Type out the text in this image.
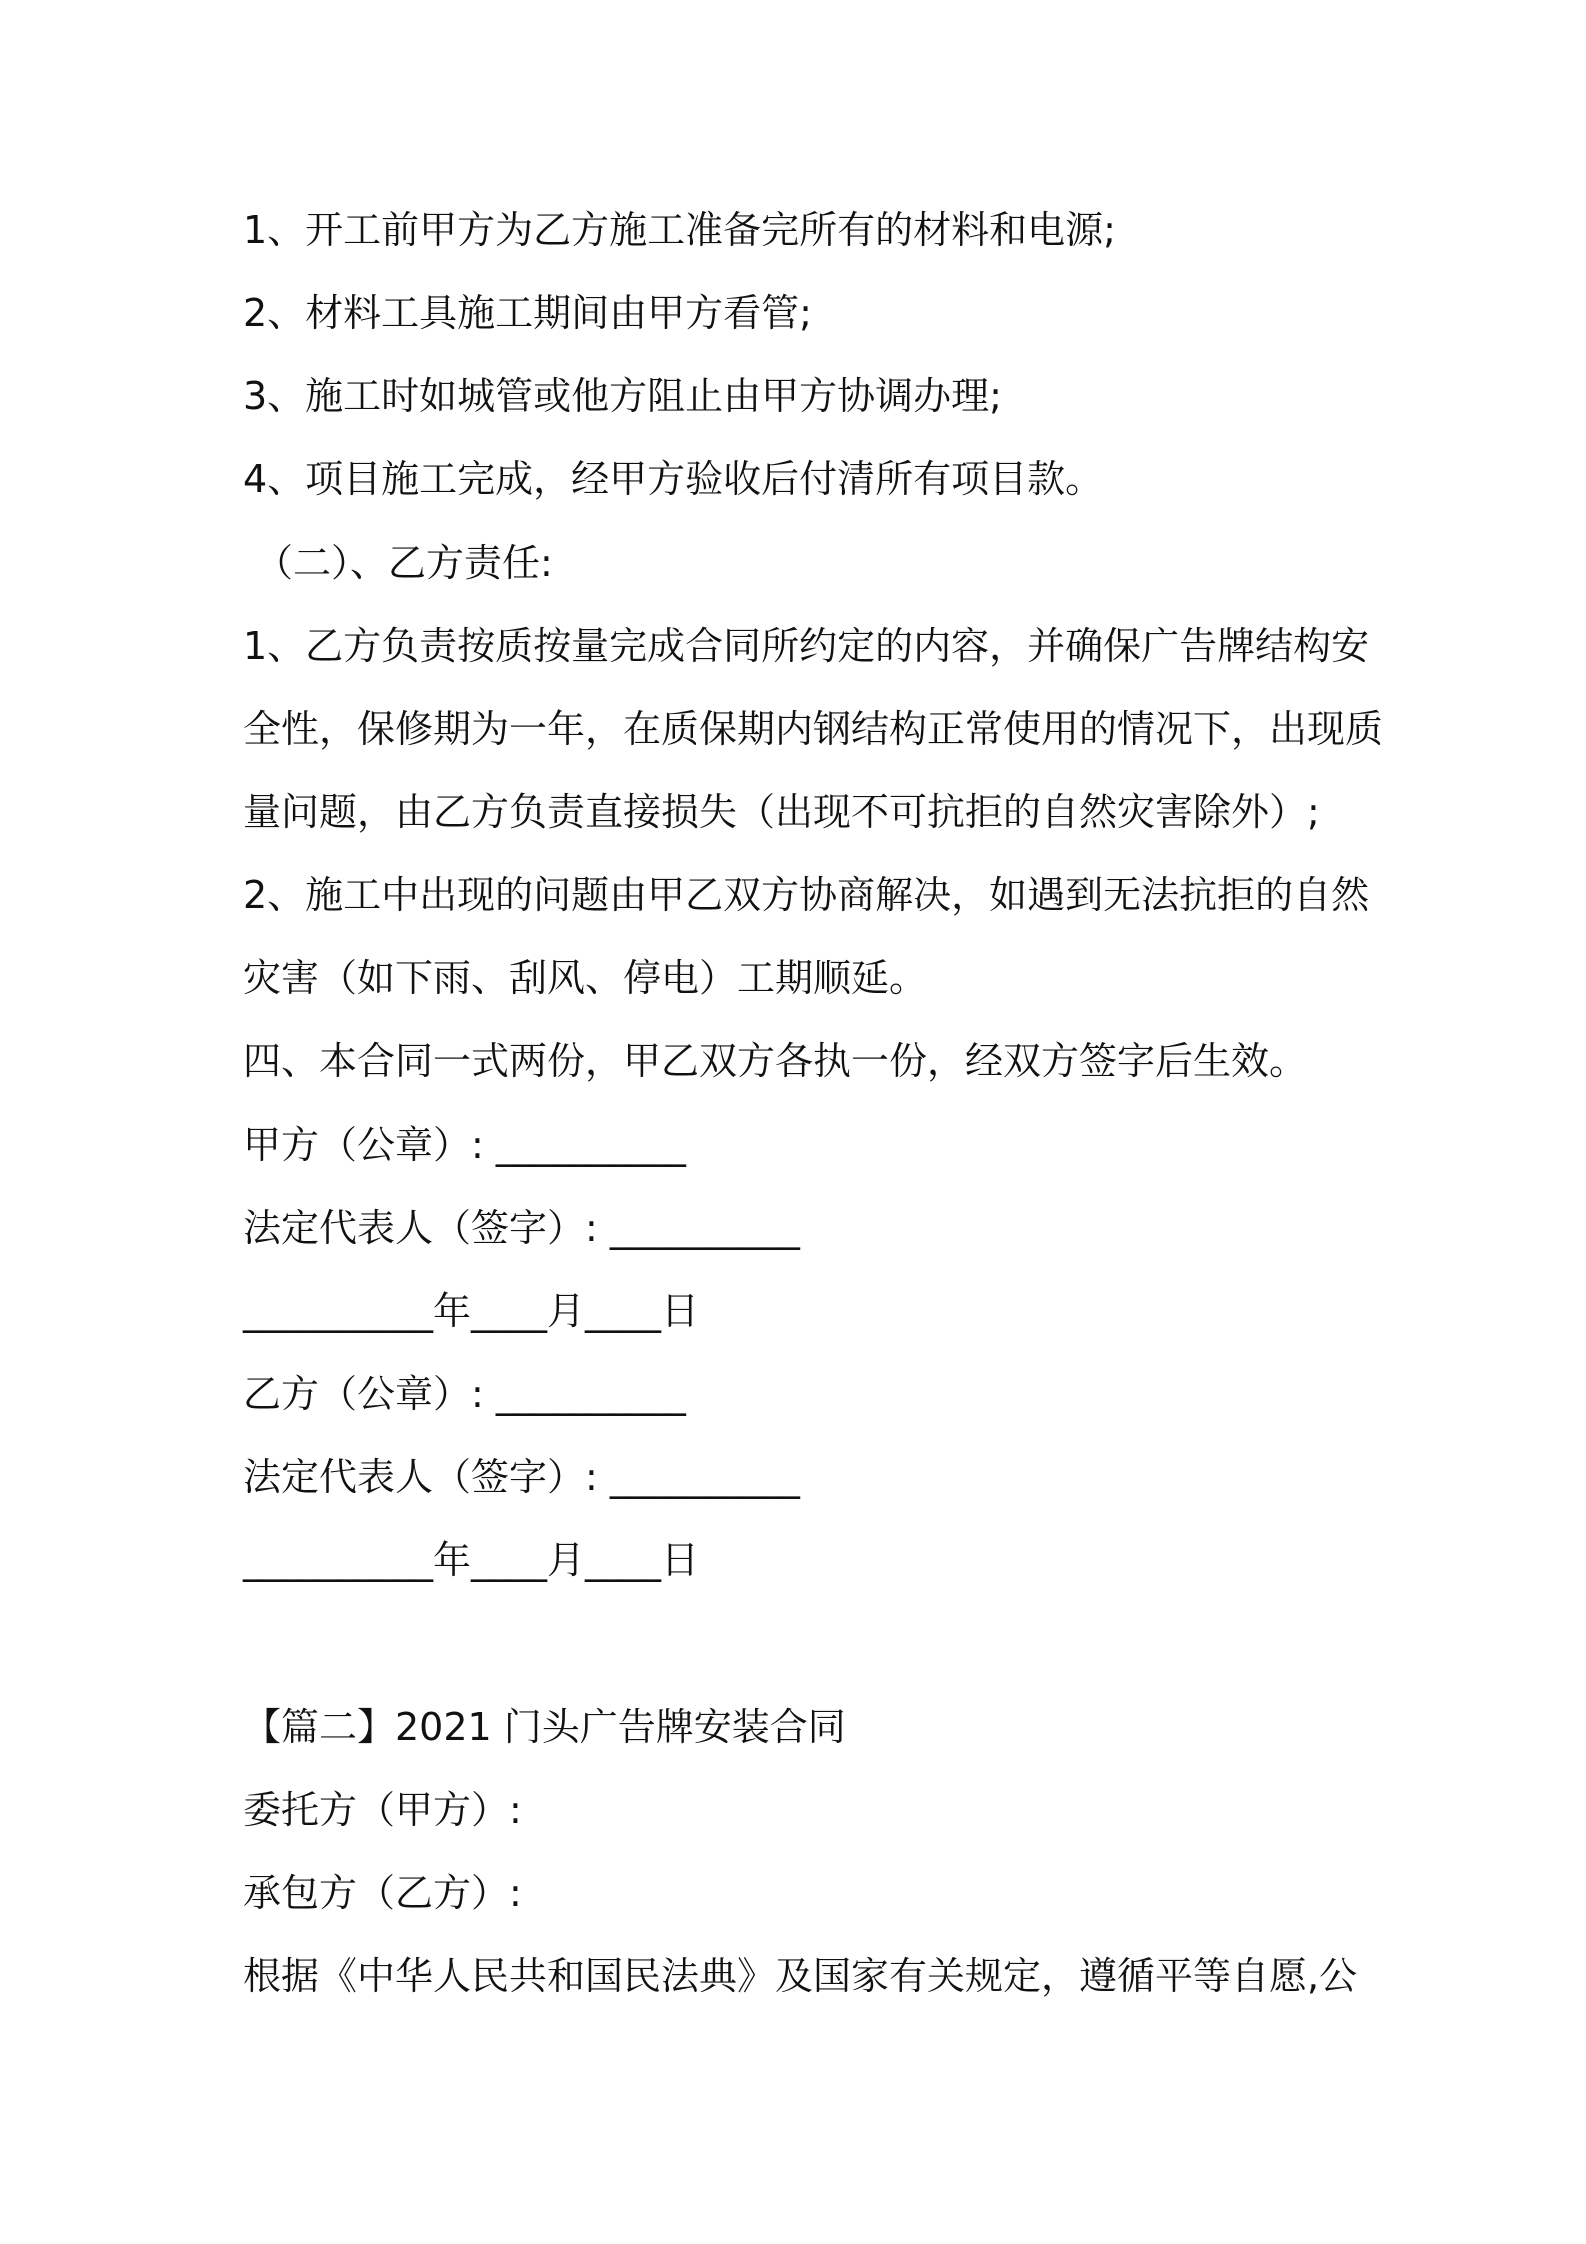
1、开工前甲方为乙方施工准备完所有的材料和电源;
2、材料工具施工期间由甲方看管;
3、施工时如城管或他方阻止由甲方协调办理;
4、项目施工完成，经甲方验收后付清所有项目款。
（二）、乙方责任:
1、乙方负责按质按量完成合同所约定的内容，并确保广告牌结构安
全性，保修期为一年，在质保期内钢结构正常使用的情况下，出现质
量问题，由乙方负责直接损失（出现不可抗拒的自然灾害除外）;
2、施工中出现的问题由甲乙双方协商解决，如遇到无法抗拒的自然
灾害（如下雨、刮风、停电）工期顺延。
四、本合同一式两份，甲乙双方各执一份，经双方签字后生效。
甲方（公章）: __________
法定代表人（签字）: __________
__________年____月____日
乙方（公章）: __________
法定代表人（签字）: __________
__________年____月____日
【篇二】2021 门头广告牌安装合同
委托方（甲方）:
承包方（乙方）:
根据《中华人民共和国民法典》及国家有关规定，遵循平等自愿,公
